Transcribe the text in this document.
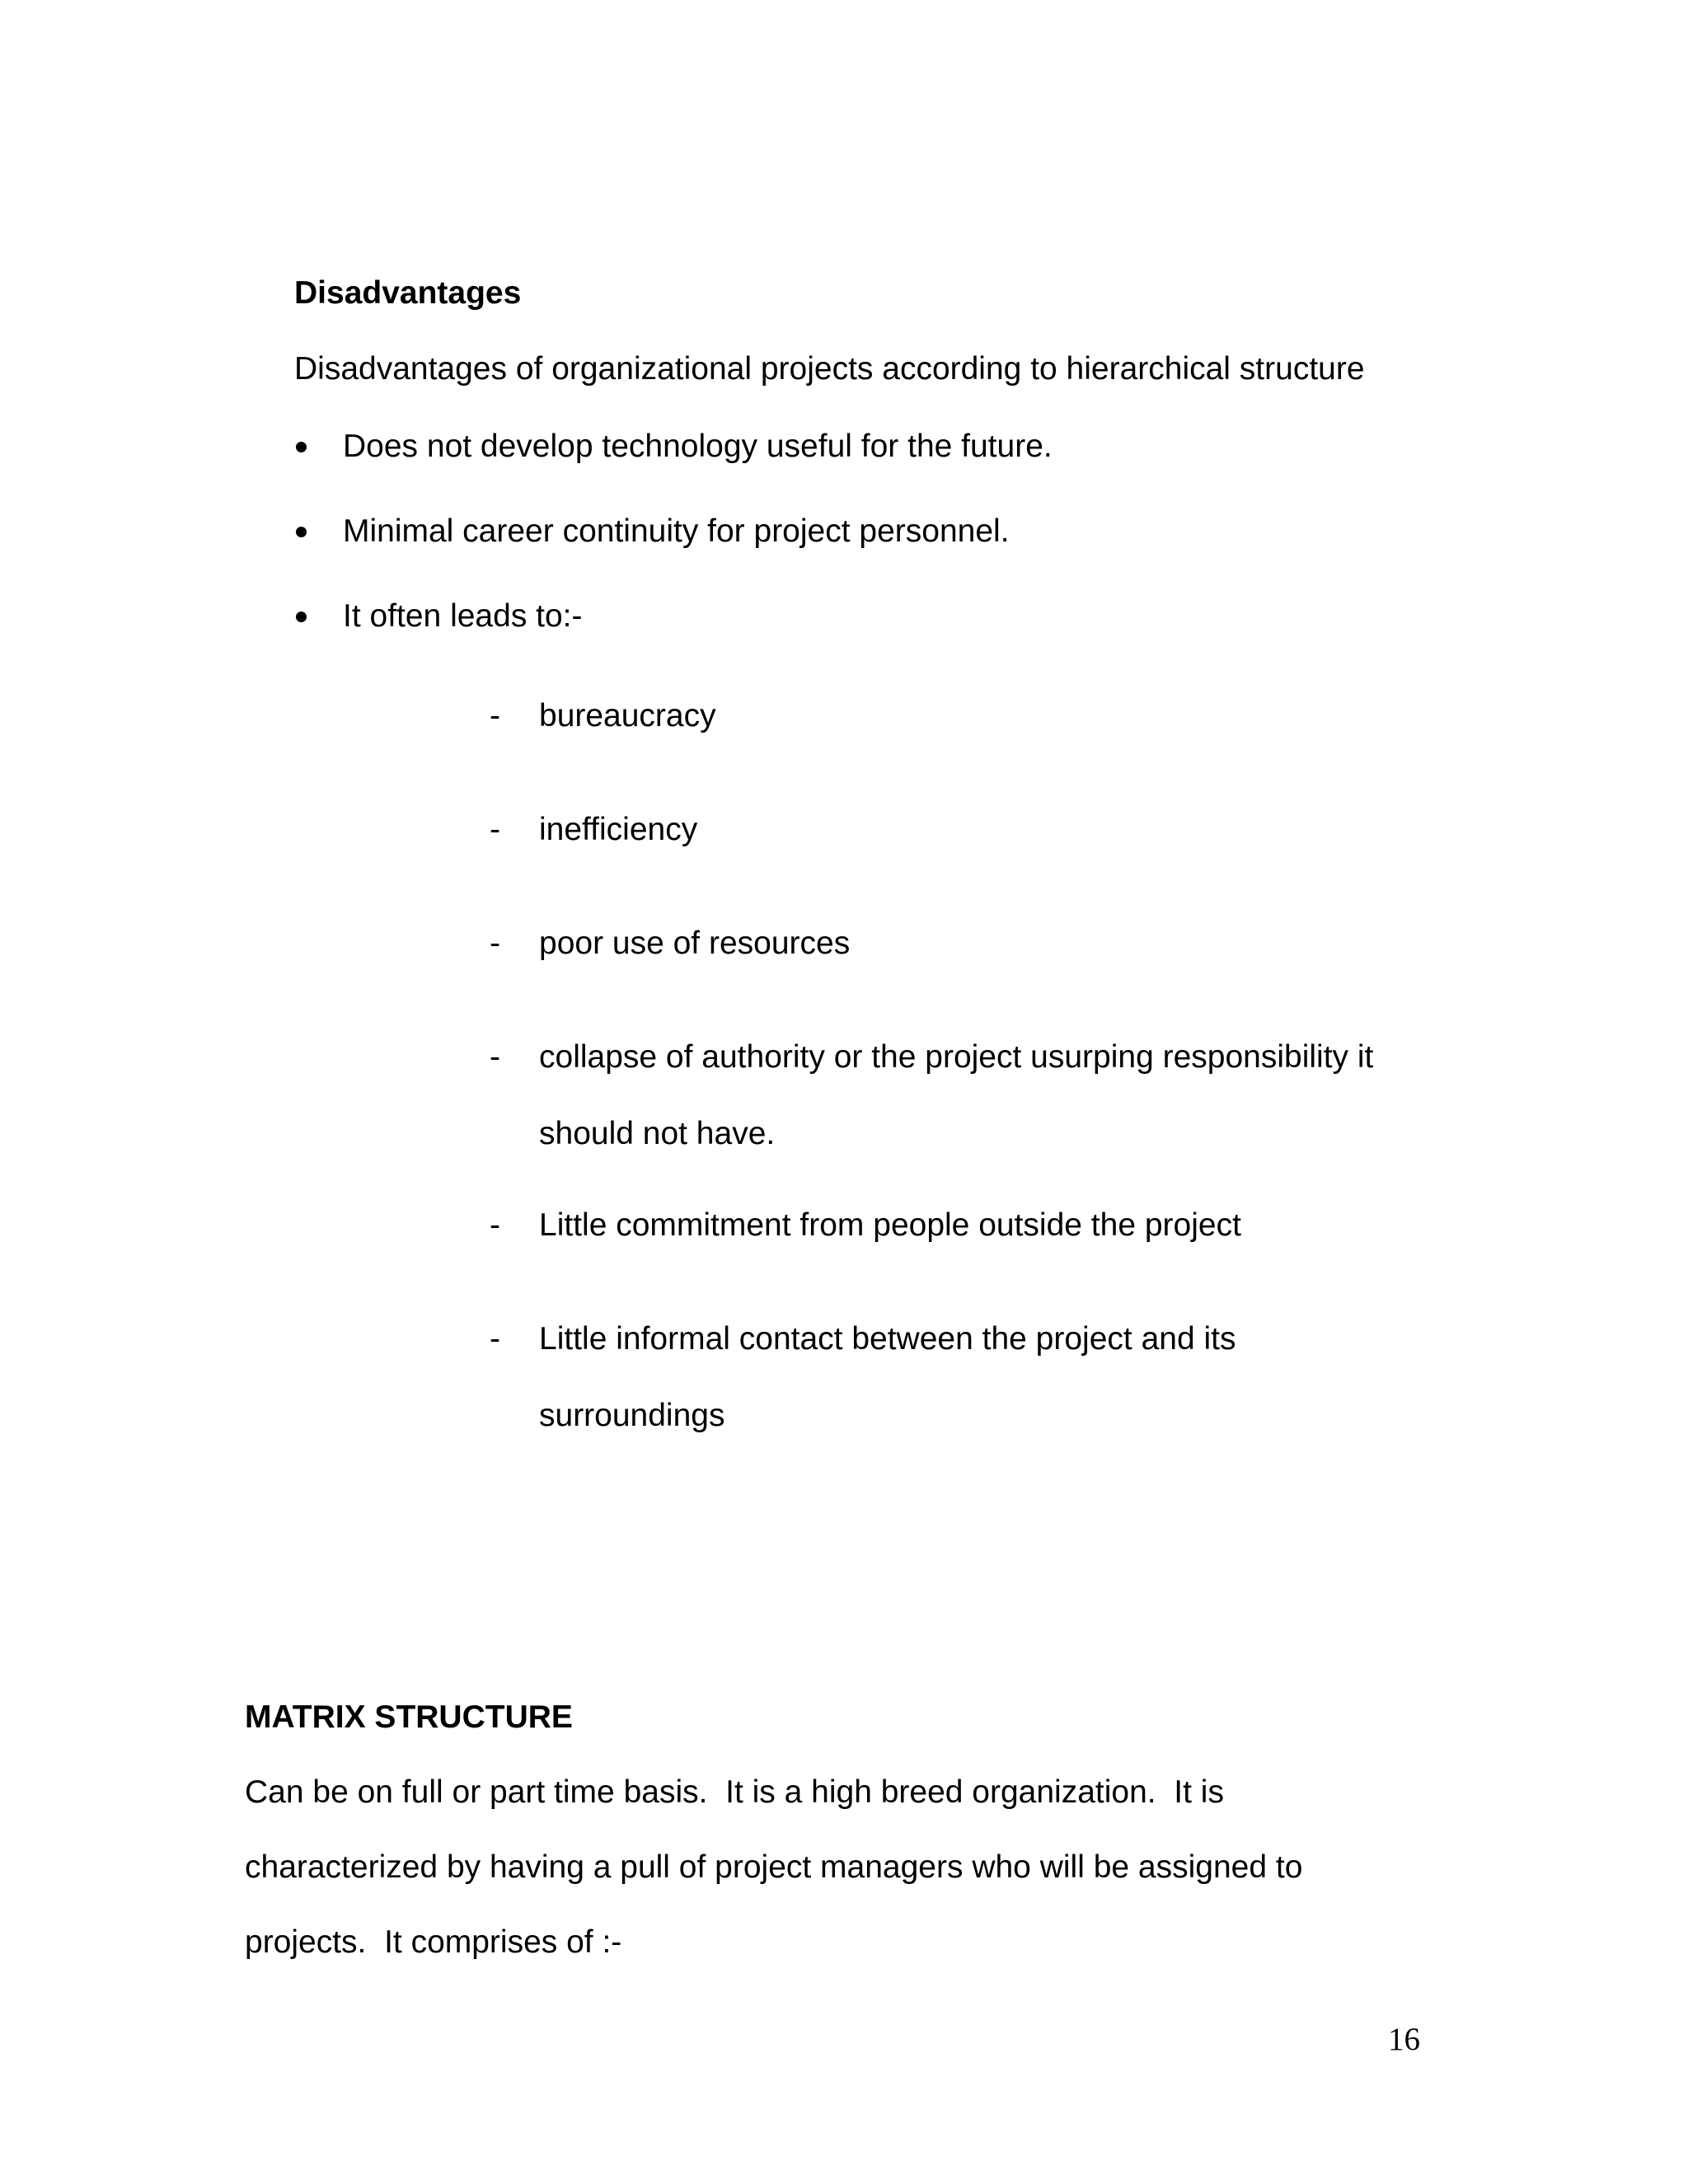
Disadvantages
Disadvantages of organizational projects according to hierarchical structure
Does not develop technology useful for the future.
Minimal career continuity for project personnel.
It often leads to:-
- bureaucracy
- inefficiency
- poor use of resources
- collapse of authority or the project usurping responsibility it
should not have.
- Little commitment from people outside the project
- Little informal contact between the project and its
surroundings
MATRIX STRUCTURE
Can be on full or part time basis.  It is a high breed organization.  It is
characterized by having a pull of project managers who will be assigned to
projects.  It comprises of :-
16
